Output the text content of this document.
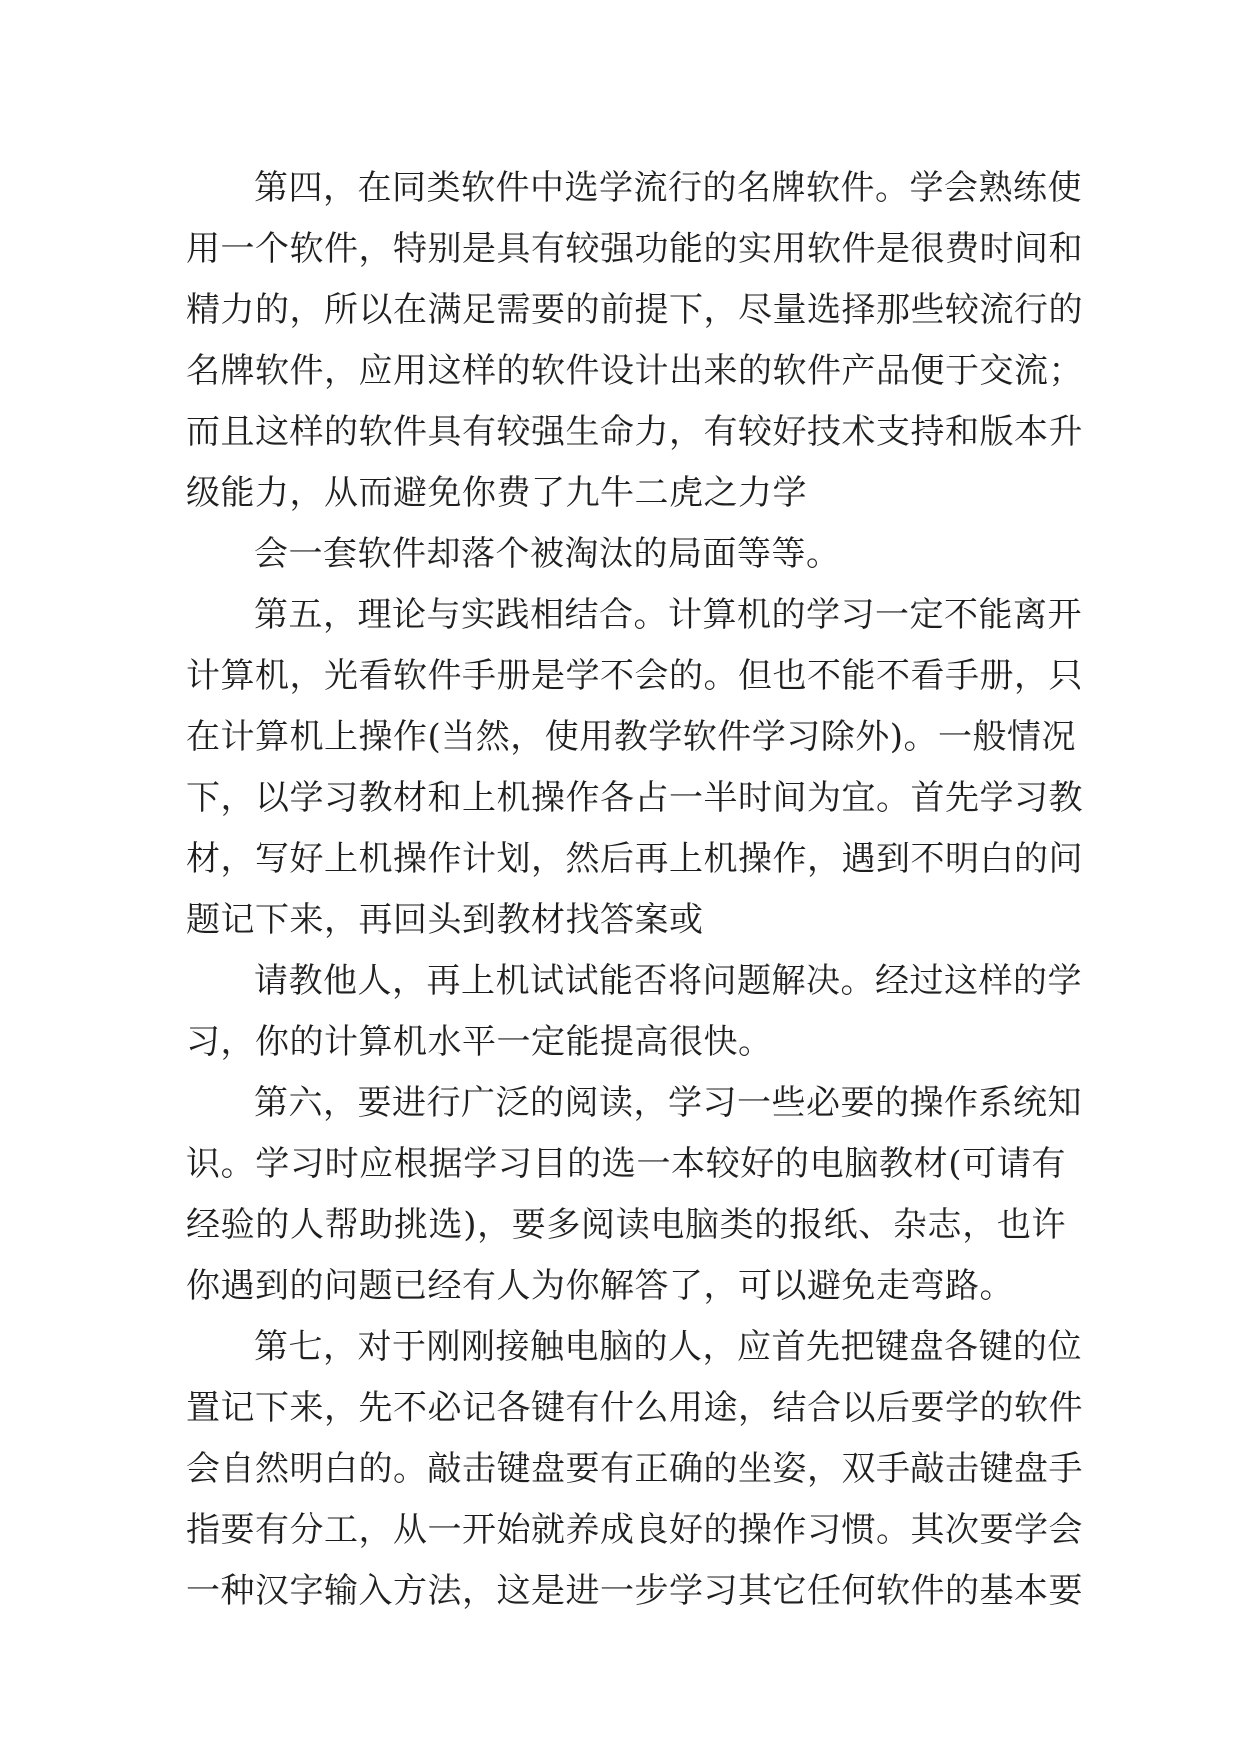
第四，在同类软件中选学流行的名牌软件。学会熟练使
用一个软件，特别是具有较强功能的实用软件是很费时间和
精力的，所以在满足需要的前提下，尽量选择那些较流行的
名牌软件，应用这样的软件设计出来的软件产品便于交流；
而且这样的软件具有较强生命力，有较好技术支持和版本升
级能力，从而避免你费了九牛二虎之力学
会一套软件却落个被淘汰的局面等等。
第五，理论与实践相结合。计算机的学习一定不能离开
计算机，光看软件手册是学不会的。但也不能不看手册，只
在计算机上操作(当然，使用教学软件学习除外)。一般情况
下，以学习教材和上机操作各占一半时间为宜。首先学习教
材，写好上机操作计划，然后再上机操作，遇到不明白的问
题记下来，再回头到教材找答案或
请教他人，再上机试试能否将问题解决。经过这样的学
习，你的计算机水平一定能提高很快。
第六，要进行广泛的阅读，学习一些必要的操作系统知
识。学习时应根据学习目的选一本较好的电脑教材(可请有
经验的人帮助挑选)，要多阅读电脑类的报纸、杂志，也许
你遇到的问题已经有人为你解答了，可以避免走弯路。
第七，对于刚刚接触电脑的人，应首先把键盘各键的位
置记下来，先不必记各键有什么用途，结合以后要学的软件
会自然明白的。敲击键盘要有正确的坐姿，双手敲击键盘手
指要有分工，从一开始就养成良好的操作习惯。其次要学会
一种汉字输入方法，这是进一步学习其它任何软件的基本要
